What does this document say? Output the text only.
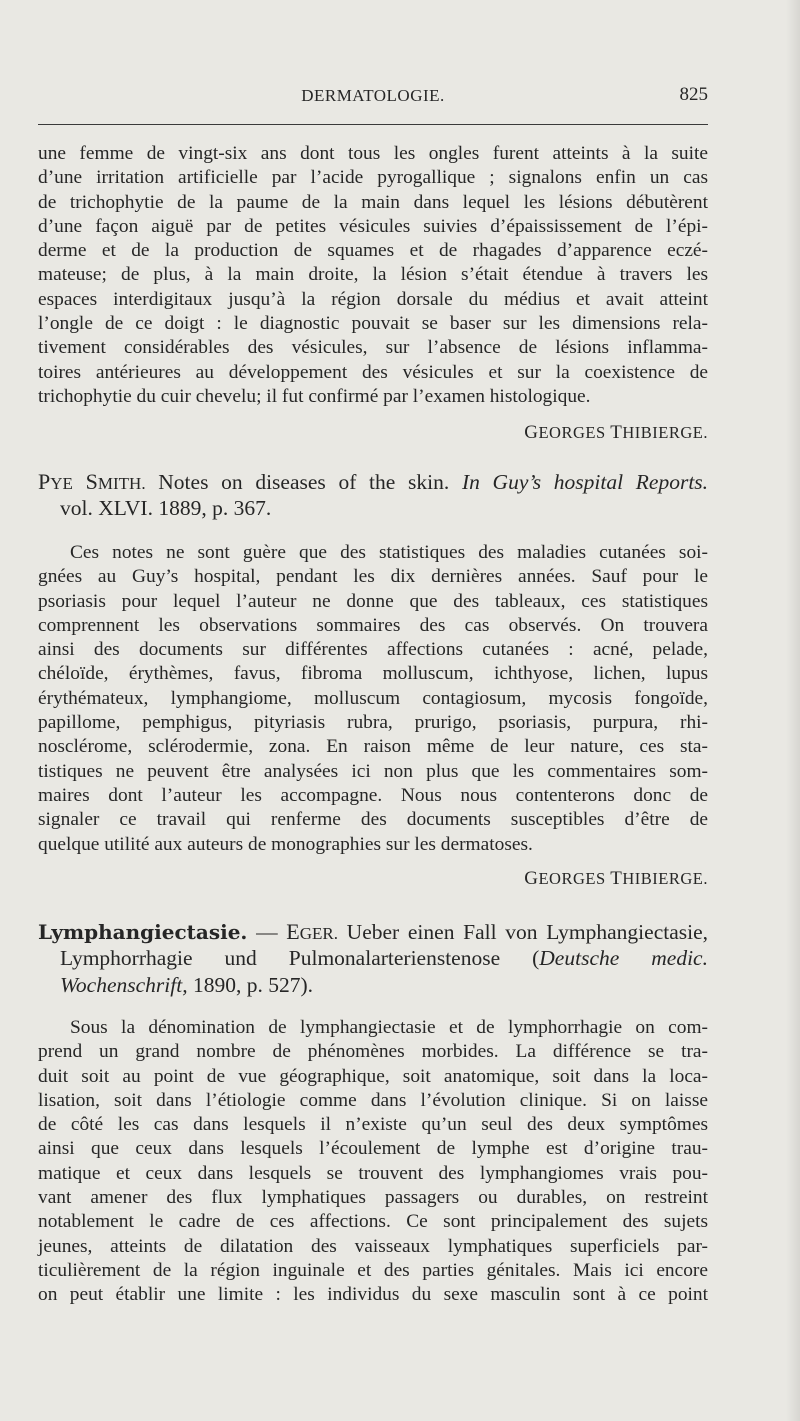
DERMATOLOGIE.	825
une femme de vingt-six ans dont tous les ongles furent atteints à la suite
d’une irritation artificielle par l’acide pyrogallique ; signalons enfin un cas
de trichophytie de la paume de la main dans lequel les lésions débutèrent
d’une façon aiguë par de petites vésicules suivies d’épaississement de l’épi-
derme et de la production de squames et de rhagades d’apparence eczé-
mateuse; de plus, à la main droite, la lésion s’était étendue à travers les
espaces interdigitaux jusqu’à la région dorsale du médius et avait atteint
l’ongle de ce doigt : le diagnostic pouvait se baser sur les dimensions rela-
tivement considérables des vésicules, sur l’absence de lésions inflamma-
toires antérieures au développement des vésicules et sur la coexistence de
trichophytie du cuir chevelu; il fut confirmé par l’examen histologique.
GEORGES THIBIERGE.
PYE SMITH. Notes on diseases of the skin. In Guy’s hospital Reports.
vol. XLVI. 1889, p. 367.
Ces notes ne sont guère que des statistiques des maladies cutanées soi-
gnées au Guy’s hospital, pendant les dix dernières années. Sauf pour le
psoriasis pour lequel l’auteur ne donne que des tableaux, ces statistiques
comprennent les observations sommaires des cas observés. On trouvera
ainsi des documents sur différentes affections cutanées : acné, pelade,
chéloïde, érythèmes, favus, fibroma molluscum, ichthyose, lichen, lupus
érythémateux, lymphangiome, molluscum contagiosum, mycosis fongoïde,
papillome, pemphigus, pityriasis rubra, prurigo, psoriasis, purpura, rhi-
nosclérome, sclérodermie, zona. En raison même de leur nature, ces sta-
tistiques ne peuvent être analysées ici non plus que les commentaires som-
maires dont l’auteur les accompagne. Nous nous contenterons donc de
signaler ce travail qui renferme des documents susceptibles d’être de
quelque utilité aux auteurs de monographies sur les dermatoses.
GEORGES THIBIERGE.
Lymphangiectasie. — EGER. Ueber einen Fall von Lymphangiectasie,
Lymphorrhagie und Pulmonalarterienstenose (Deutsche medic.
Wochenschrift, 1890, p. 527).
Sous la dénomination de lymphangiectasie et de lymphorrhagie on com-
prend un grand nombre de phénomènes morbides. La différence se tra-
duit soit au point de vue géographique, soit anatomique, soit dans la loca-
lisation, soit dans l’étiologie comme dans l’évolution clinique. Si on laisse
de côté les cas dans lesquels il n’existe qu’un seul des deux symptômes
ainsi que ceux dans lesquels l’écoulement de lymphe est d’origine trau-
matique et ceux dans lesquels se trouvent des lymphangiomes vrais pou-
vant amener des flux lymphatiques passagers ou durables, on restreint
notablement le cadre de ces affections. Ce sont principalement des sujets
jeunes, atteints de dilatation des vaisseaux lymphatiques superficiels par-
ticulièrement de la région inguinale et des parties génitales. Mais ici encore
on peut établir une limite : les individus du sexe masculin sont à ce point
